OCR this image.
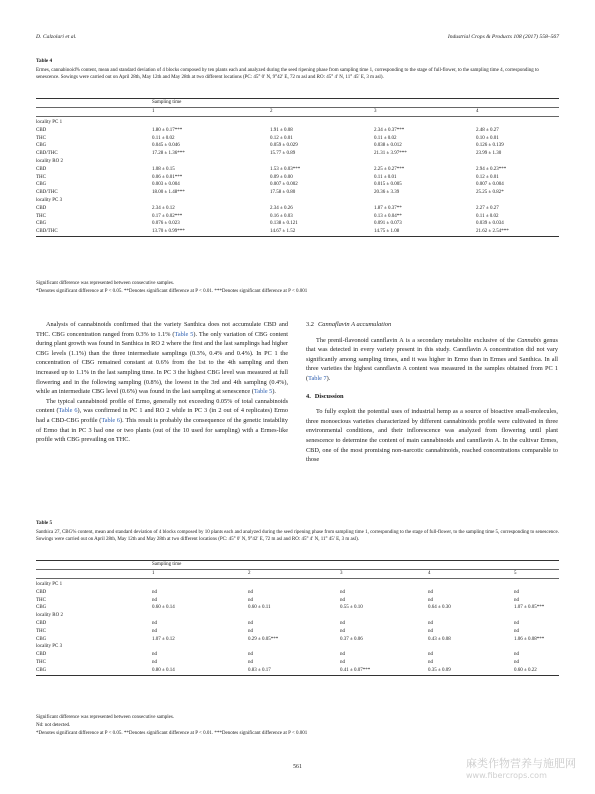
D. Calzolari et al.	Industrial Crops & Products 108 (2017) 558–567
Table 4
Ermes, cannabinoid% content, mean and standard deviation of 4 blocks composed by ten plants each and analyzed during the seed ripening phase from sampling time 1, corresponding to the stage of full-flower, to the sampling time 4, corresponding to senescence. Sowings were carried out on April 28th, May 12th and May 28th at two different locations (PC: 45° 0′ N, 9°42′ E, 72 m asl and RO: 45° 4′ N, 11° 45′ E, 3 m asl).
	Sampling time			
	1	2	3	4

locality PC 1				
CBD	1.80 ± 0.17***	1.91 ± 0.08	2.34 ± 0.37***	2.48 ± 0.27
THC	0.11 ± 0.02	0.12 ± 0.01	0.11 ± 0.02	0.10 ± 0.01
CBG	0.045 ± 0.046	0.059 ± 0.029	0.038 ± 0.012	0.126 ± 0.139
CBD/THC	17.28 ± 1.36***	15.77 ± 0.89	21.31 ± 3.97***	23.99 ± 1.30
locality RO 2				
CBD	1.08 ± 0.15	1.53 ± 0.03***	2.25 ± 0.27***	2.94 ± 0.23***
THC	0.06 ± 0.01***	0.09 ± 0.00	0.11 ± 0.01	0.12 ± 0.01
CBG	0.003 ± 0.004	0.007 ± 0.002	0.015 ± 0.005	0.007 ± 0.004
CBD/THC	18.00 ± 1.48***	17.58 ± 0.80	20.36 ± 3.39	25.25 ± 0.82*
locality PC 3				
CBD	2.34 ± 0.12	2.34 ± 0.26	1.87 ± 0.37**	2.27 ± 0.27
THC	0.17 ± 0.02***	0.16 ± 0.03	0.13 ± 0.04**	0.11 ± 0.02
CBG	0.076 ± 0.023	0.138 ± 0.121	0.091 ± 0.073	0.039 ± 0.034
CBD/THC	13.70 ± 0.99***	14.67 ± 1.52	14.75 ± 1.08	21.62 ± 2.54***
Significant difference was represented between consecutive samples.
*Denotes significant difference at P < 0.05. **Denotes significant difference at P < 0.01. ***Denotes significant difference at P < 0.001

Analysis of cannabinoids confirmed that the variety Santhica does not accumulate CBD and THC. CBG concentration ranged from 0.3% to 1.1% (Table 5). The only variation of CBG content during plant growth was found in Santhica in RO 2 where the first and the last samplings had higher CBG levels (1.1%) than the three intermediate samplings (0.3%, 0.4% and 0.4%). In PC 1 the concentration of CBG remained constant at 0.6% from the 1st to the 4th sampling and then increased up to 1.1% in the last sampling time. In PC 3 the highest CBG level was measured at full flowering and in the following sampling (0.8%), the lowest in the 3rd and 4th sampling (0.4%), while an intermediate CBG level (0.6%) was found in the last sampling at senescence (Table 5).

The typical cannabinoid profile of Ermo, generally not exceeding 0.05% of total cannabinoids content (Table 6), was confirmed in PC 1 and RO 2 while in PC 3 (in 2 out of 4 replicates) Ermo had a CBD-CBG profile (Table 6). This result is probably the consequence of the genetic instability of Ermo that in PC 3 had one or two plants (out of the 10 used for sampling) with a Ermes-like profile with CBG prevailing on THC.

3.2 Cannaflavin A accumulation

The prenil-flavonoid cannflavin A is a secondary metabolite exclusive of the Cannabis genus that was detected in every variety present in this study. Cannflavin A concentration did not vary significantly among sampling times, and it was higher in Ermo than in Ermes and Santhica. In all three varieties the highest cannflavin A content was measured in the samples obtained from PC 1 (Table 7).

4. Discussion

To fully exploit the potential uses of industrial hemp as a source of bioactive small-molecules, three monoecious varieties characterized by different cannabinoids profile were cultivated in three environmental conditions, and their inflorescence was analyzed from flowering until plant senescence to determine the content of main cannabinoids and cannflavin A. In the cultivar Ermes, CBD, one of the most promising non-narcotic cannabinoids, reached concentrations comparable to those

Table 5
Santhica 27, CBG% content, mean and standard deviation of 4 blocks composed by 10 plants each and analyzed during the seed ripening phase from sampling time 1, corresponding to the stage of full-flower, to the sampling time 5, corresponding to senescence. Sowings were carried out on April 28th, May 12th and May 28th at two different locations (PC: 45° 0′ N, 9°42′ E, 72 m asl and RO: 45° 4′ N, 11° 45′ E, 3 m asl).
	Sampling time				
	1	2	3	4	5

locality PC 1					
CBD	nd	nd	nd	nd	nd
THC	nd	nd	nd	nd	nd
CBG	0.60 ± 0.14	0.60 ± 0.11	0.55 ± 0.10	0.64 ± 0.30	1.07 ± 0.05***
locality RO 2					
CBD	nd	nd	nd	nd	nd
THC	nd	nd	nd	nd	nd
CBG	1.07 ± 0.12	0.29 ± 0.05***	0.37 ± 0.06	0.43 ± 0.08	1.06 ± 0.08***
locality PC 3					
CBD	nd	nd	nd	nd	nd
THC	nd	nd	nd	nd	nd
CBG	0.80 ± 0.14	0.83 ± 0.17	0.41 ± 0.07***	0.35 ± 0.09	0.60 ± 0.22
Significant difference was represented between consecutive samples.
Nd: not detected.
*Denotes significant difference at P < 0.05. **Denotes significant difference at P < 0.01. ***Denotes significant difference at P < 0.001
561	麻类作物营养与施肥网
www.fibercrops.com
